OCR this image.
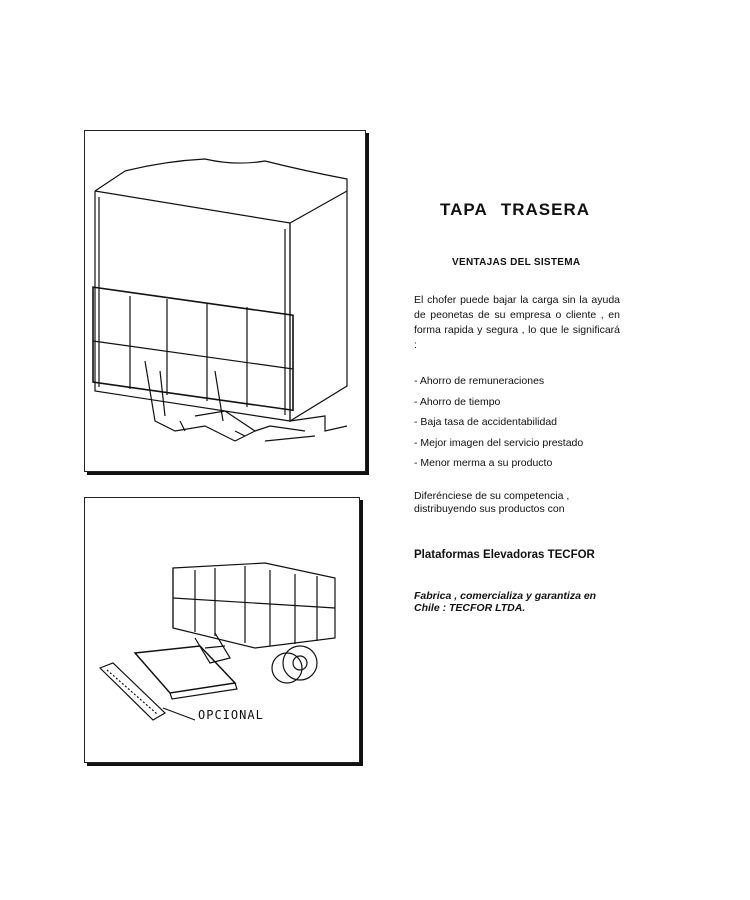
OPCIONAL
TAPA TRASERA
VENTAJAS DEL SISTEMA

El chofer puede bajar la carga sin la ayuda de peonetas de su empresa o cliente , en forma rapida y segura , lo que le significará :

- Ahorro de remuneraciones
- Ahorro de tiempo
- Baja tasa de accidentabilidad
- Mejor imagen del servicio prestado
- Menor merma a su producto

Diferénciese de su competencia , distribuyendo sus productos con

Plataformas Elevadoras TECFOR

Fabrica , comercializa y garantiza en Chile : TECFOR LTDA.
